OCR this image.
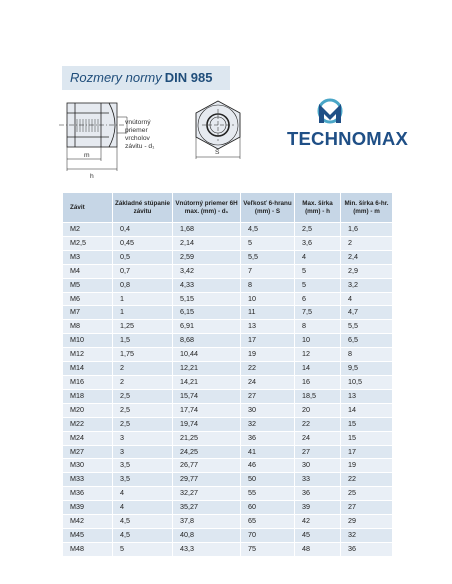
Rozmery normy DIN 985
m
h
vnútorný
priemer
vrcholov
závitu - d₁
S
TECHNOMAX
Závit	Základné stúpanie závitu	Vnútorný priemer 6H max. (mm) - d₁	Veľkosť 6-hranu (mm) - S	Max. šírka (mm) - h	Min. šírka 6-hr. (mm) - m
M2	0,4	1,68	4,5	2,5	1,6
M2,5	0,45	2,14	5	3,6	2
M3	0,5	2,59	5,5	4	2,4
M4	0,7	3,42	7	5	2,9
M5	0,8	4,33	8	5	3,2
M6	1	5,15	10	6	4
M7	1	6,15	11	7,5	4,7
M8	1,25	6,91	13	8	5,5
M10	1,5	8,68	17	10	6,5
M12	1,75	10,44	19	12	8
M14	2	12,21	22	14	9,5
M16	2	14,21	24	16	10,5
M18	2,5	15,74	27	18,5	13
M20	2,5	17,74	30	20	14
M22	2,5	19,74	32	22	15
M24	3	21,25	36	24	15
M27	3	24,25	41	27	17
M30	3,5	26,77	46	30	19
M33	3,5	29,77	50	33	22
M36	4	32,27	55	36	25
M39	4	35,27	60	39	27
M42	4,5	37,8	65	42	29
M45	4,5	40,8	70	45	32
M48	5	43,3	75	48	36
